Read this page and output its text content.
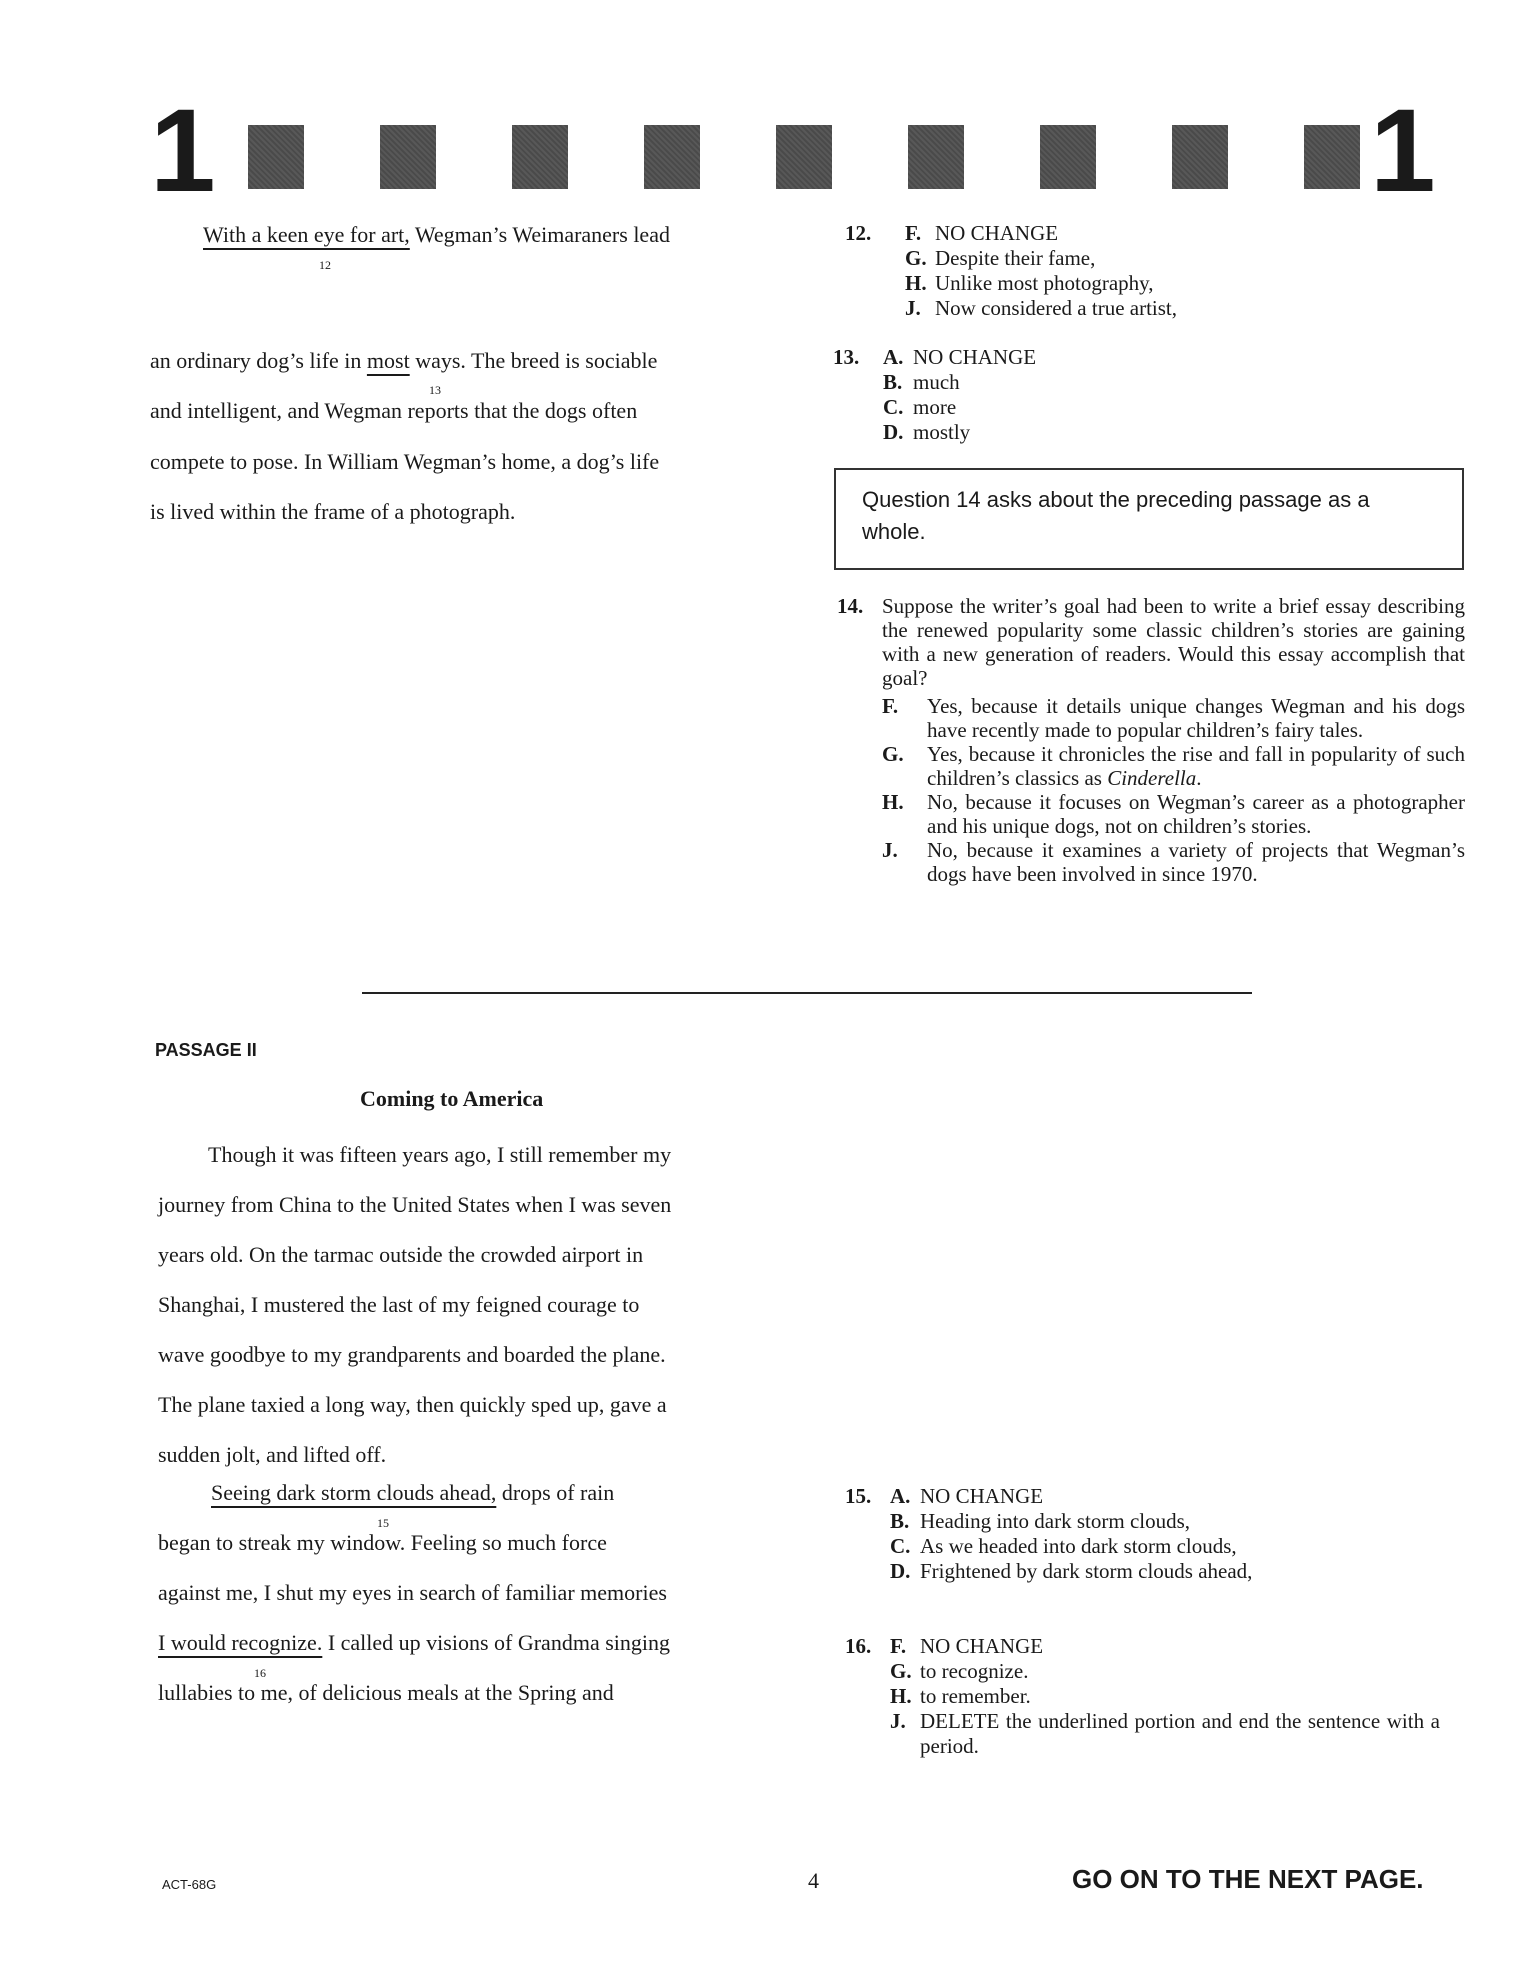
1	1
With a keen eye for art, Wegman’s Weimaraners lead
12
an ordinary dog’s life in most ways. The breed is sociable
13
and intelligent, and Wegman reports that the dogs often
compete to pose. In William Wegman’s home, a dog’s life
is lived within the frame of a photograph.
12. F. NO CHANGE
G. Despite their fame,
H. Unlike most photography,
J. Now considered a true artist,
13. A. NO CHANGE
B. much
C. more
D. mostly
Question 14 asks about the preceding passage as a whole.
14. Suppose the writer’s goal had been to write a brief essay describing the renewed popularity some classic children’s stories are gaining with a new generation of readers. Would this essay accomplish that goal?
F.	Yes, because it details unique changes Wegman and his dogs have recently made to popular children’s fairy tales.
G.	Yes, because it chronicles the rise and fall in popularity of such children’s classics as Cinderella.
H.	No, because it focuses on Wegman’s career as a photographer and his unique dogs, not on children’s stories.
J.	No, because it examines a variety of projects that Wegman’s dogs have been involved in since 1970.
PASSAGE II
Coming to America
Though it was fifteen years ago, I still remember my
journey from China to the United States when I was seven
years old. On the tarmac outside the crowded airport in
Shanghai, I mustered the last of my feigned courage to
wave goodbye to my grandparents and boarded the plane.
The plane taxied a long way, then quickly sped up, gave a
sudden jolt, and lifted off.
Seeing dark storm clouds ahead, drops of rain
15
began to streak my window. Feeling so much force
against me, I shut my eyes in search of familiar memories
I would recognize. I called up visions of Grandma singing
16
lullabies to me, of delicious meals at the Spring and
15. A. NO CHANGE
B. Heading into dark storm clouds,
C. As we headed into dark storm clouds,
D. Frightened by dark storm clouds ahead,
16. F. NO CHANGE
G. to recognize.
H. to remember.
J. DELETE the underlined portion and end the sentence with a period.
ACT-68G	4	GO ON TO THE NEXT PAGE.
